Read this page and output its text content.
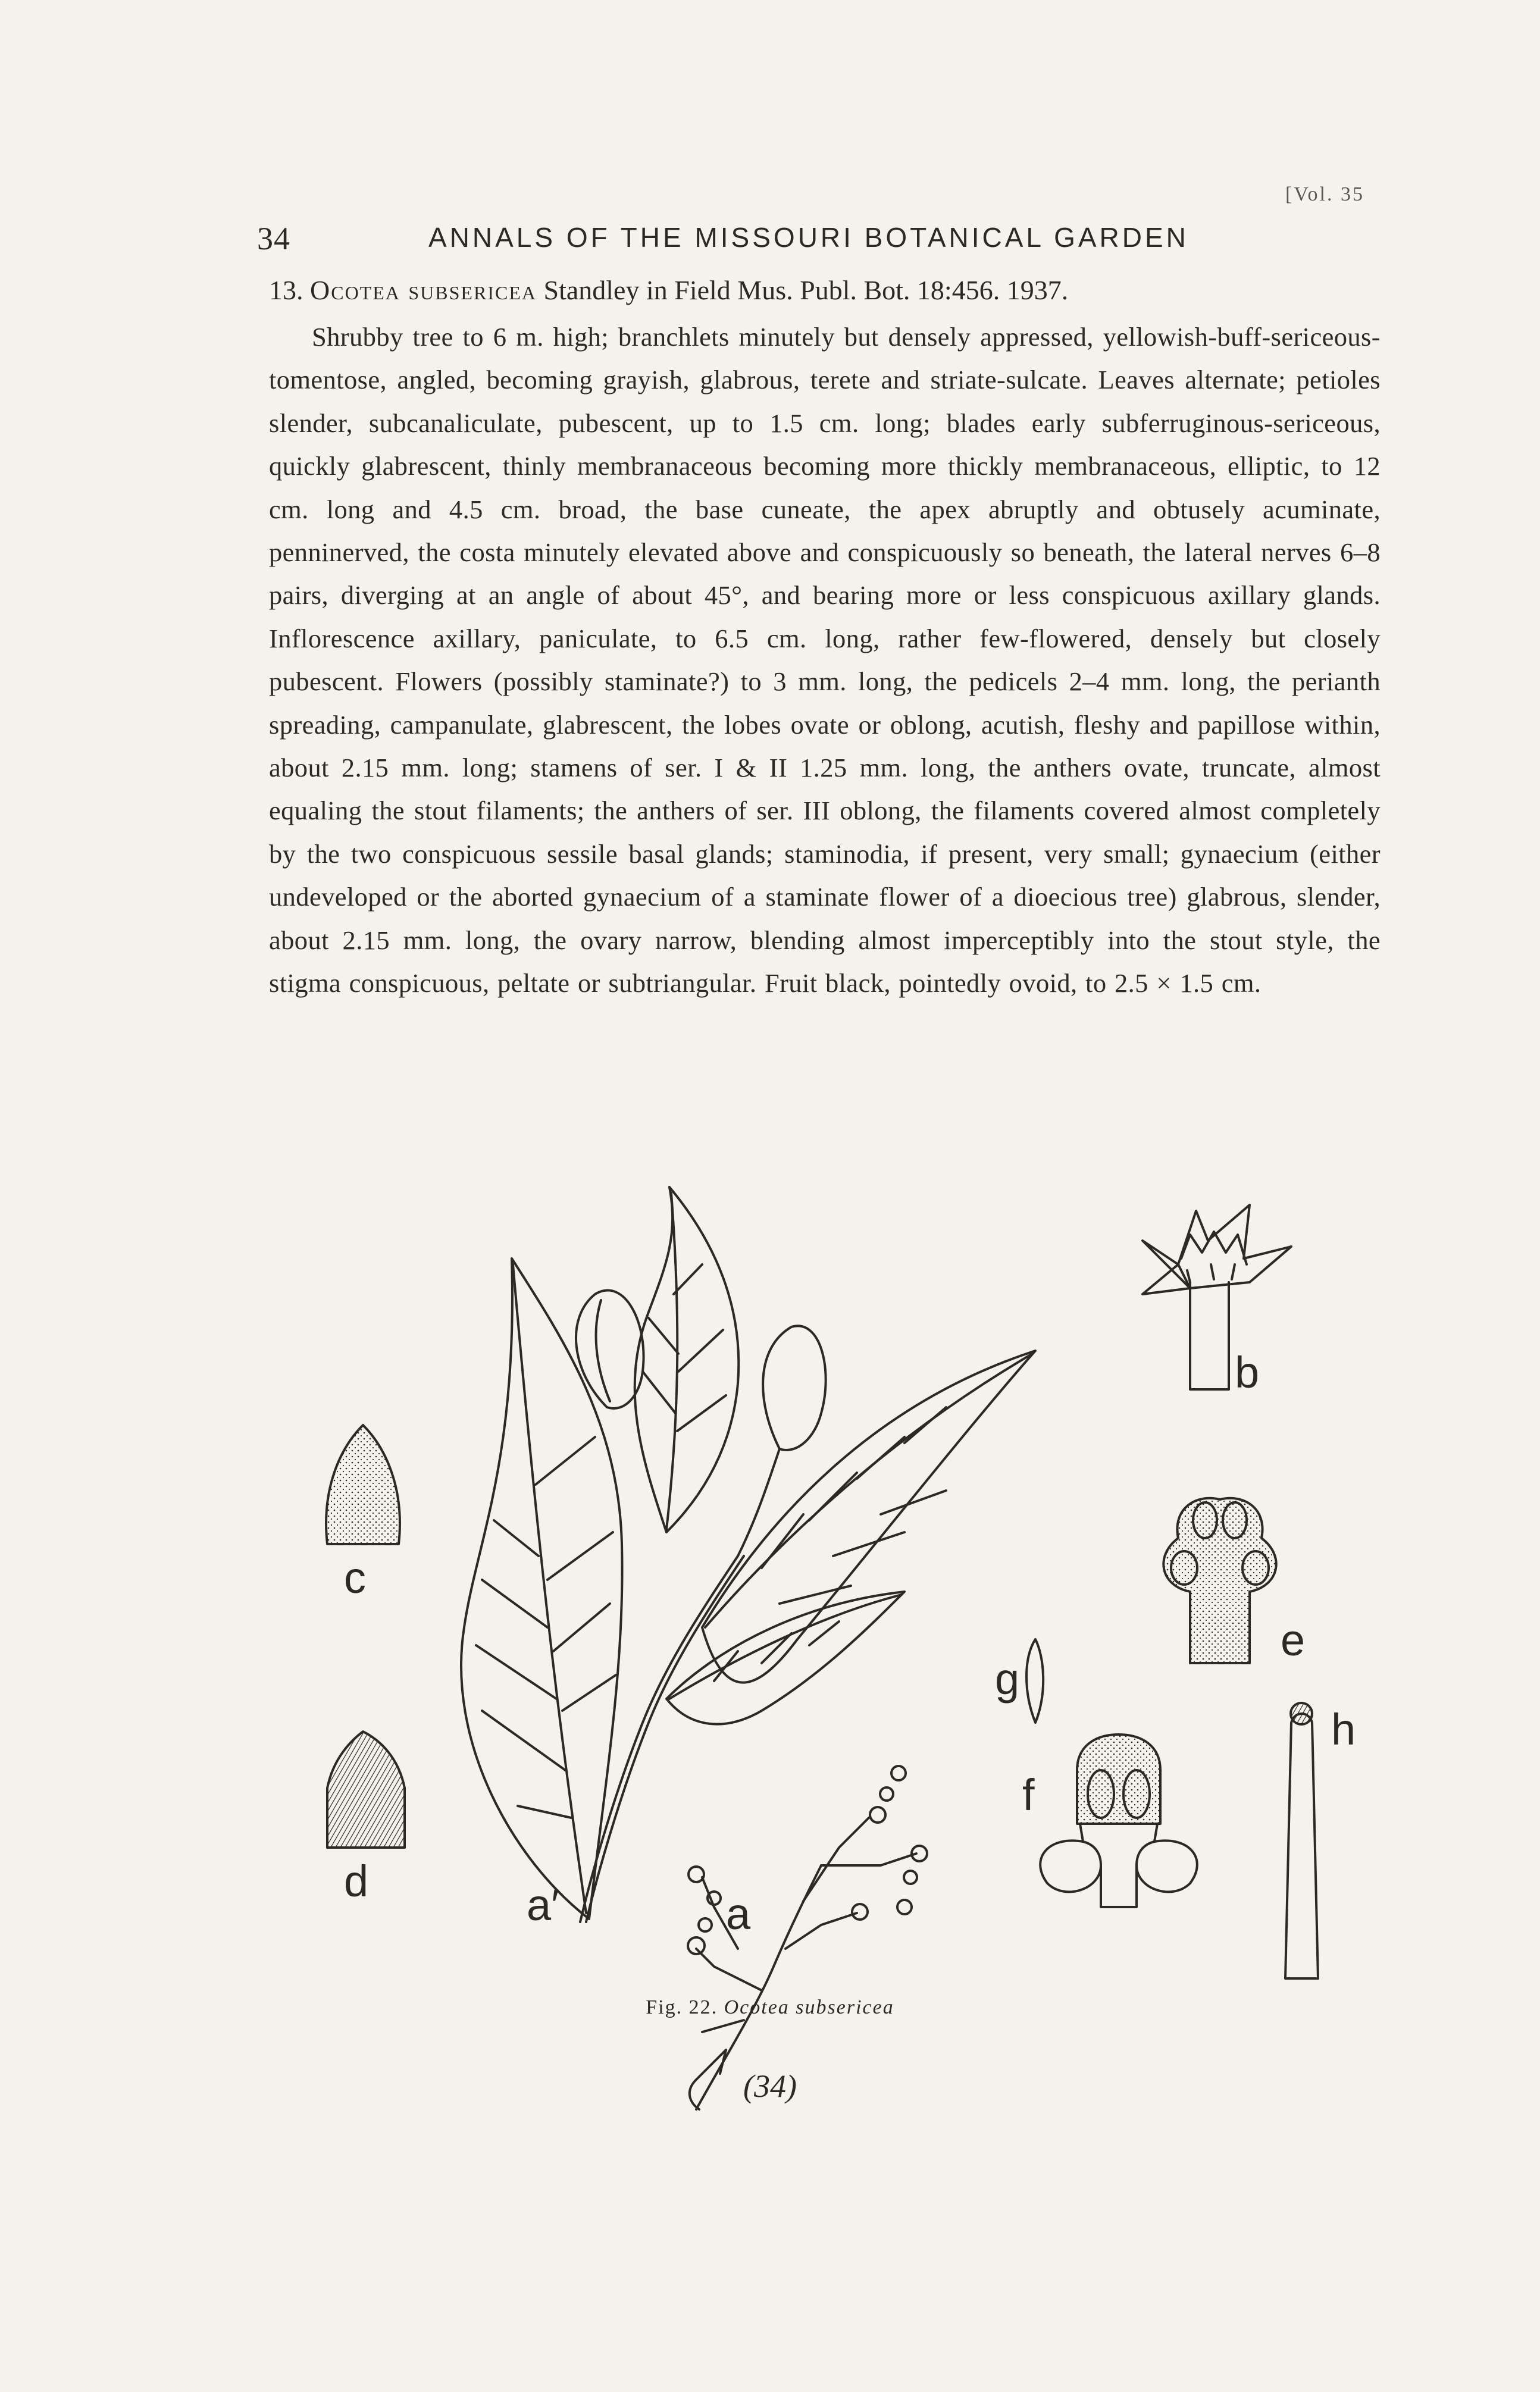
34	ANNALS OF THE MISSOURI BOTANICAL GARDEN
[Vol. 35

13. Ocotea subsericea Standley in Field Mus. Publ. Bot. 18:456. 1937.

Shrubby tree to 6 m. high; branchlets minutely but densely appressed, yellowish-buff-sericeous-tomentose, angled, becoming grayish, glabrous, terete and striate-sulcate. Leaves alternate; petioles slender, subcanaliculate, pubescent, up to 1.5 cm. long; blades early subferruginous-sericeous, quickly glabrescent, thinly membranaceous becoming more thickly membranaceous, elliptic, to 12 cm. long and 4.5 cm. broad, the base cuneate, the apex abruptly and obtusely acuminate, penninerved, the costa minutely elevated above and conspicuously so beneath, the lateral nerves 6–8 pairs, diverging at an angle of about 45°, and bearing more or less conspicuous axillary glands. Inflorescence axillary, paniculate, to 6.5 cm. long, rather few-flowered, densely but closely pubescent. Flowers (possibly staminate?) to 3 mm. long, the pedicels 2–4 mm. long, the perianth spreading, campanulate, glabrescent, the lobes ovate or oblong, acutish, fleshy and papillose within, about 2.15 mm. long; stamens of ser. I & II 1.25 mm. long, the anthers ovate, truncate, almost equaling the stout filaments; the anthers of ser. III oblong, the filaments covered almost completely by the two conspicuous sessile basal glands; staminodia, if present, very small; gynaecium (either undeveloped or the aborted gynaecium of a staminate flower of a dioecious tree) glabrous, slender, about 2.15 mm. long, the ovary narrow, blending almost imperceptibly into the stout style, the stigma conspicuous, peltate or subtriangular. Fruit black, pointedly ovoid, to 2.5 × 1.5 cm.

a′	a
b
c
d
e
f
g
h
Fig. 22. Ocotea subsericea
(34)
